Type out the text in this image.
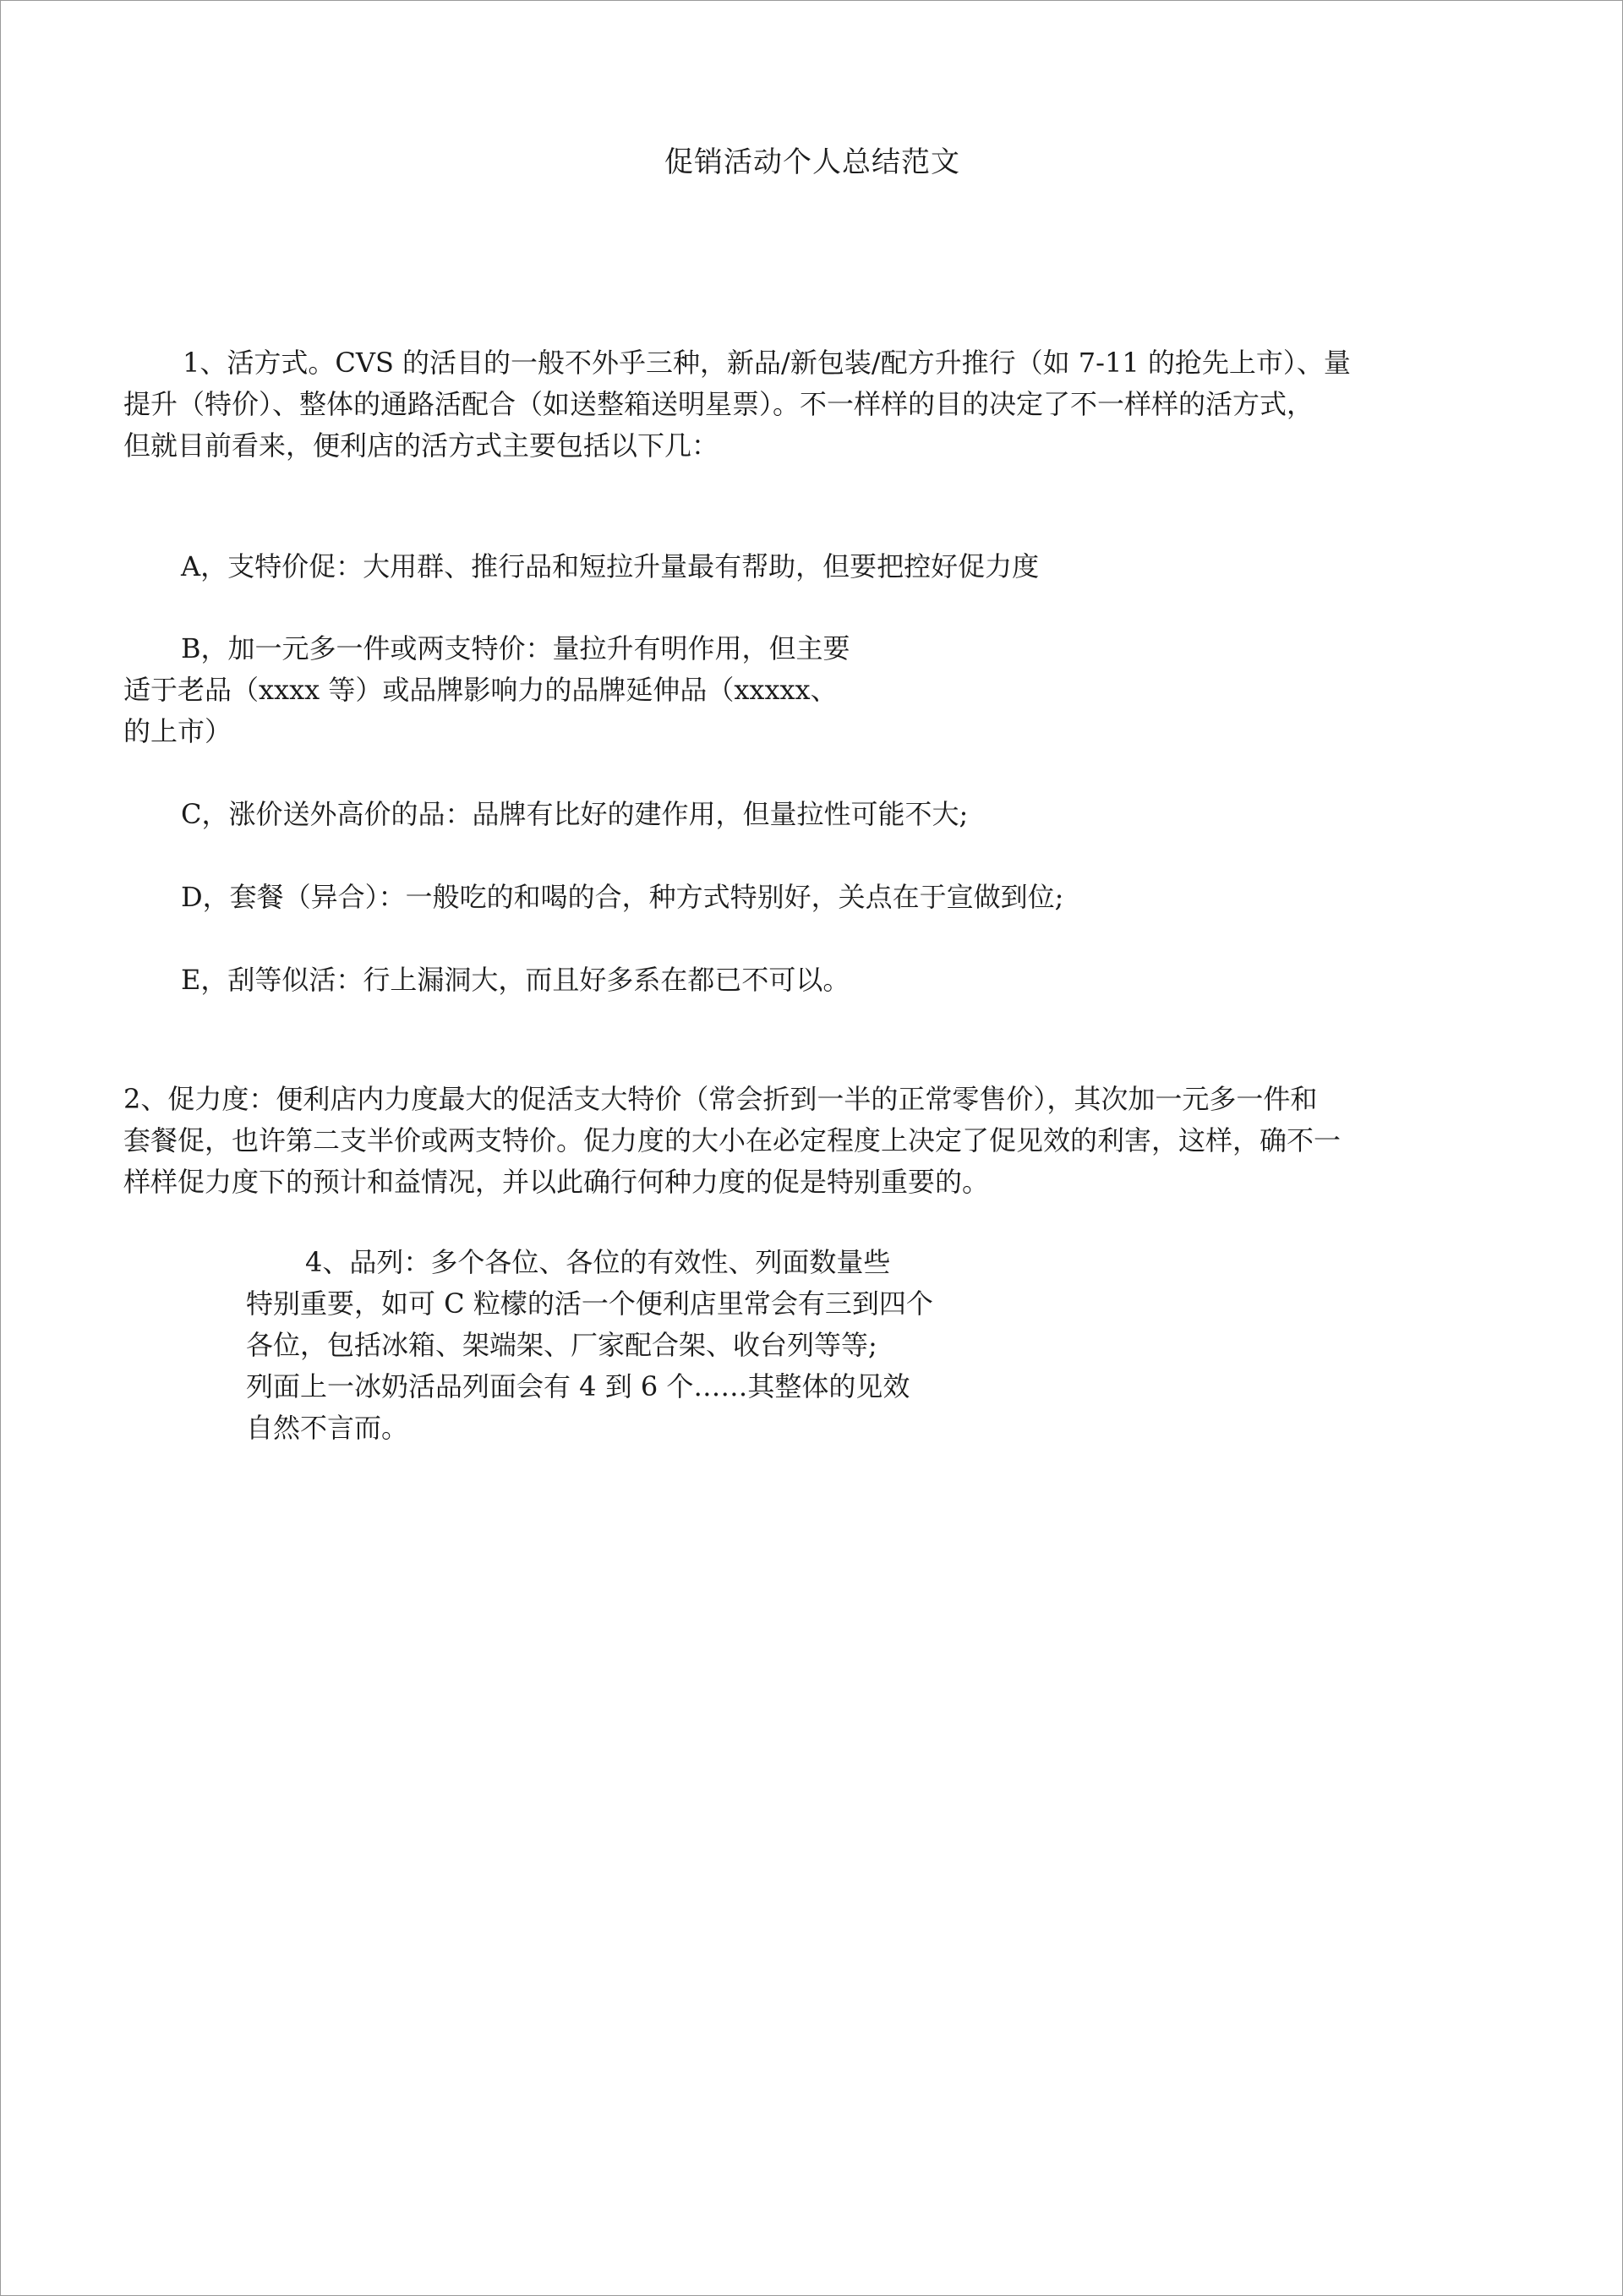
促销活动个人总结范文
1、活方式。CVS 的活目的一般不外乎三种，新品/新包装/配方升推行（如 7-11 的抢先上市）、量
提升（特价）、整体的通路活配合（如送整箱送明星票）。不一样样的目的决定了不一样样的活方式，
但就目前看来，便利店的活方式主要包括以下几：
A，支特价促：大用群、推行品和短拉升量最有帮助，但要把控好促力度
B，加一元多一件或两支特价：量拉升有明作用，但主要
适于老品（xxxx 等）或品牌影响力的品牌延伸品（xxxxx、
的上市）
C，涨价送外高价的品：品牌有比好的建作用，但量拉性可能不大;
D，套餐（异合）：一般吃的和喝的合，种方式特别好，关点在于宣做到位;
E，刮等似活：行上漏洞大，而且好多系在都已不可以。
2、促力度：便利店内力度最大的促活支大特价（常会折到一半的正常零售价），其次加一元多一件和
套餐促，也许第二支半价或两支特价。促力度的大小在必定程度上决定了促见效的利害，这样，确不一
样样促力度下的预计和益情况，并以此确行何种力度的促是特别重要的。
4、品列：多个各位、各位的有效性、列面数量些
特别重要，如可 C 粒檬的活一个便利店里常会有三到四个
各位，包括冰箱、架端架、厂家配合架、收台列等等;
列面上一冰奶活品列面会有 4 到 6 个……其整体的见效
自然不言而。
